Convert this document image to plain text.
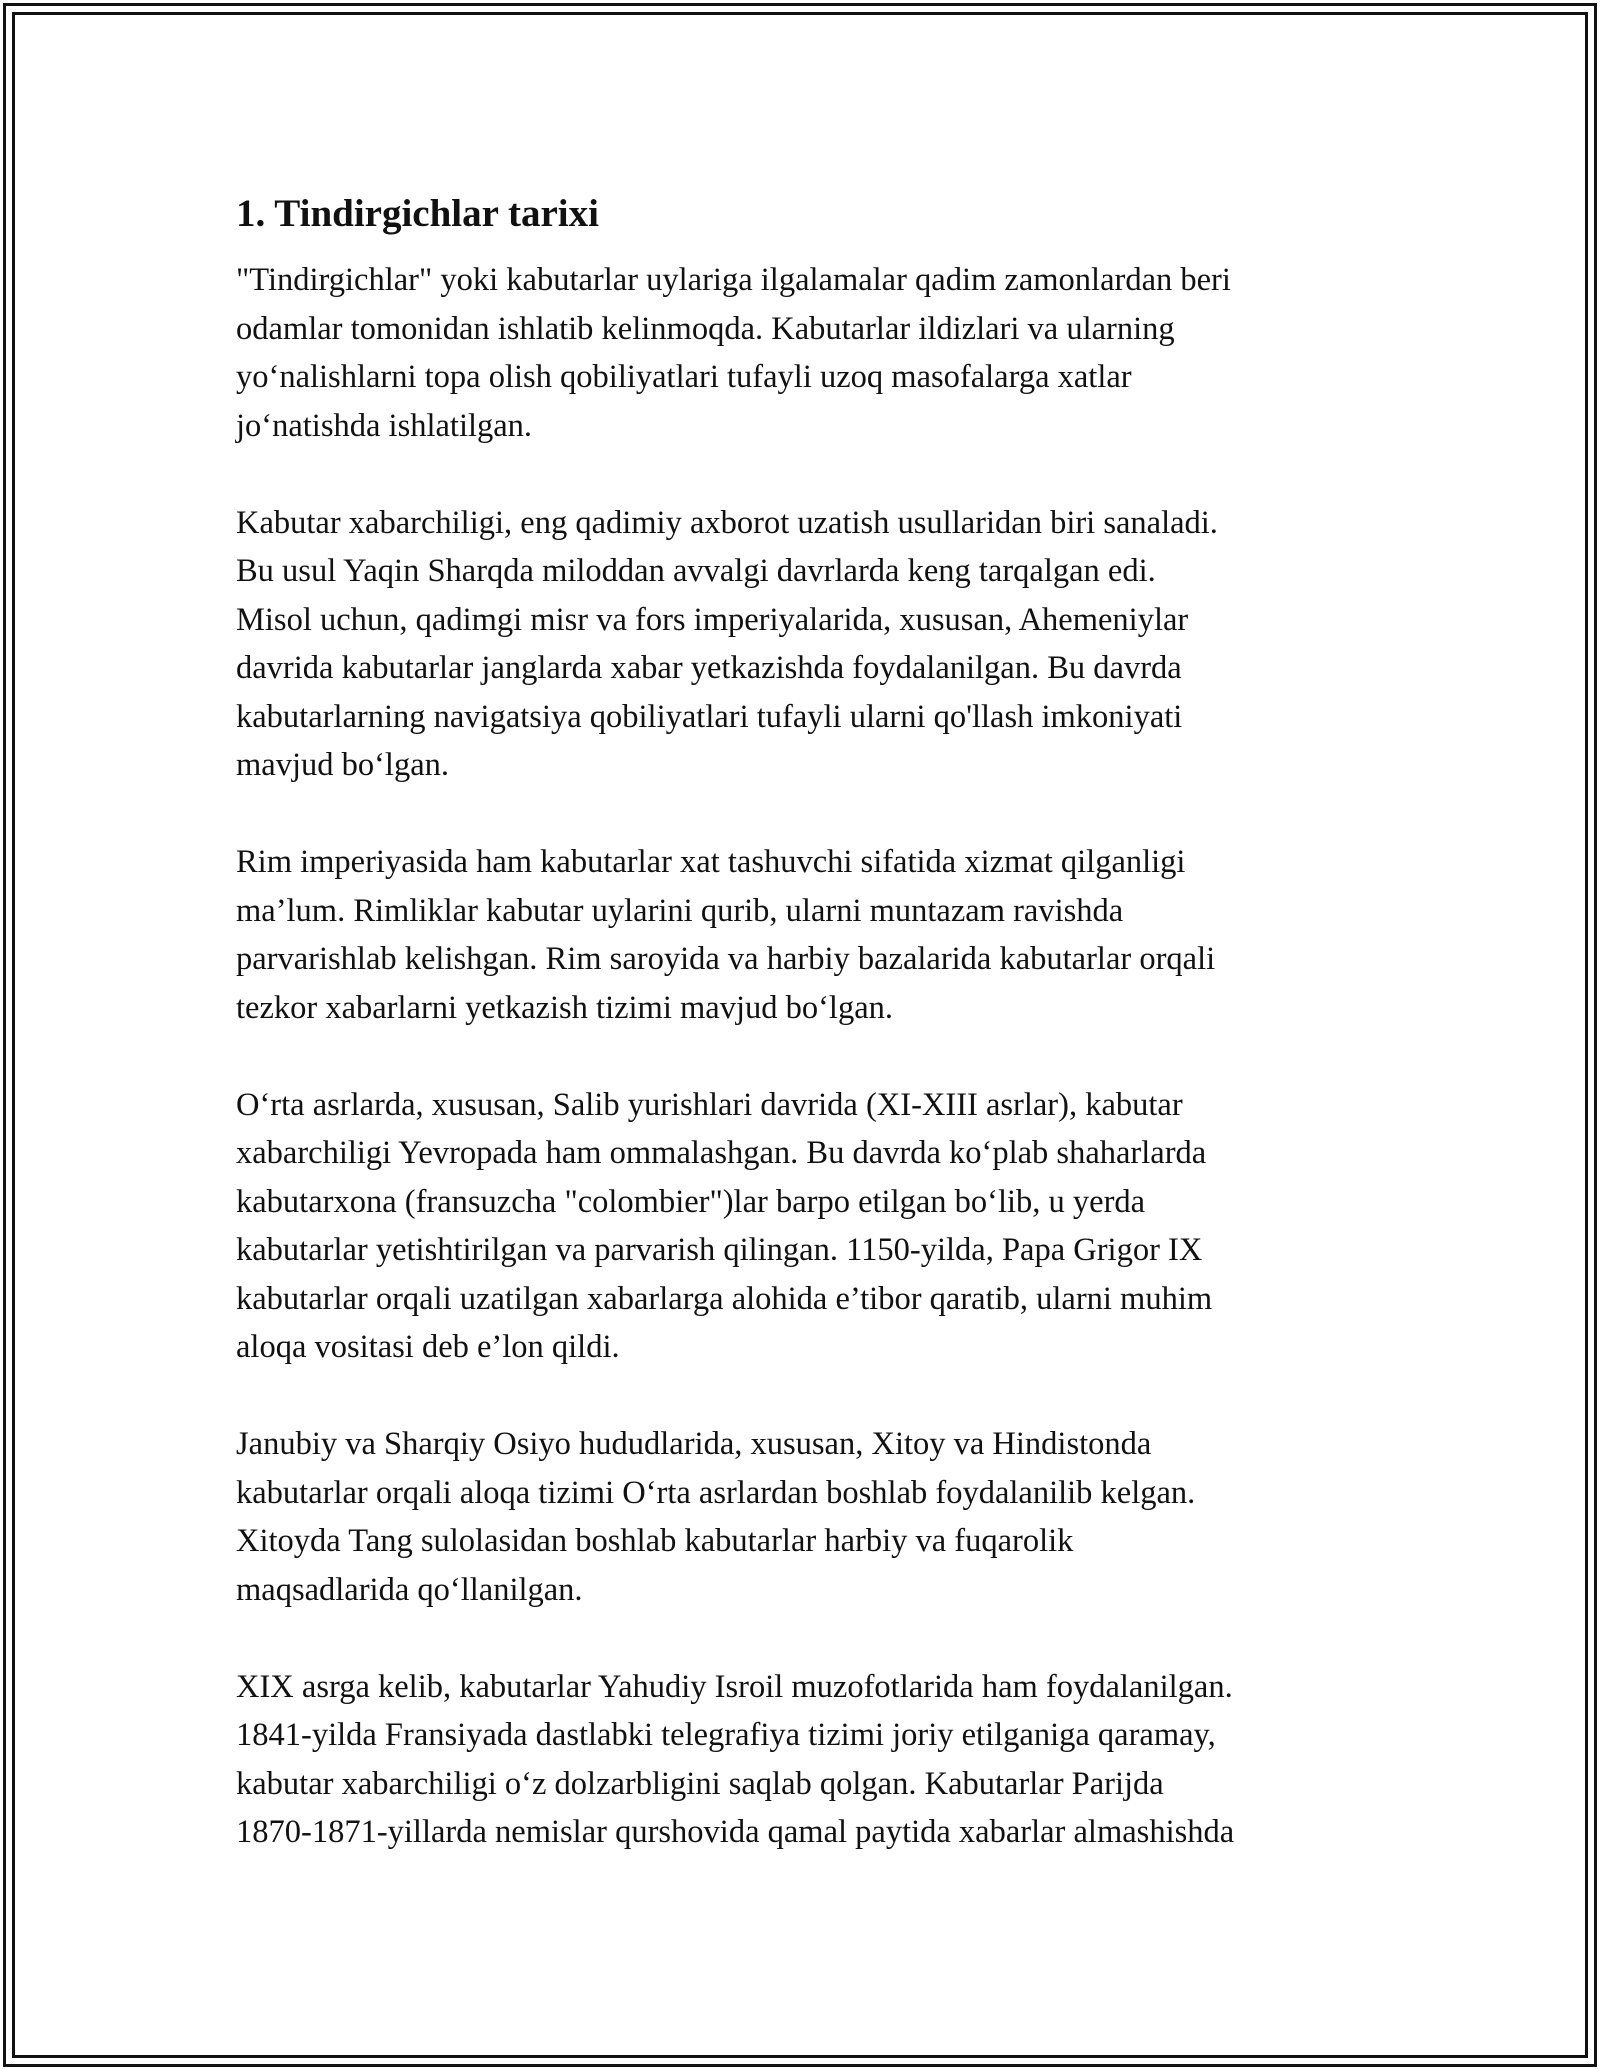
1. Tindirgichlar tarixi
"Tindirgichlar" yoki kabutarlar uylariga ilgalamalar qadim zamonlardan beri
odamlar tomonidan ishlatib kelinmoqda. Kabutarlar ildizlari va ularning
yo‘nalishlarni topa olish qobiliyatlari tufayli uzoq masofalarga xatlar
jo‘natishda ishlatilgan.
Kabutar xabarchiligi, eng qadimiy axborot uzatish usullaridan biri sanaladi.
Bu usul Yaqin Sharqda miloddan avvalgi davrlarda keng tarqalgan edi.
Misol uchun, qadimgi misr va fors imperiyalarida, xususan, Ahemeniylar
davrida kabutarlar janglarda xabar yetkazishda foydalanilgan. Bu davrda
kabutarlarning navigatsiya qobiliyatlari tufayli ularni qo'llash imkoniyati
mavjud bo‘lgan.
Rim imperiyasida ham kabutarlar xat tashuvchi sifatida xizmat qilganligi
ma’lum. Rimliklar kabutar uylarini qurib, ularni muntazam ravishda
parvarishlab kelishgan. Rim saroyida va harbiy bazalarida kabutarlar orqali
tezkor xabarlarni yetkazish tizimi mavjud bo‘lgan.
O‘rta asrlarda, xususan, Salib yurishlari davrida (XI-XIII asrlar), kabutar
xabarchiligi Yevropada ham ommalashgan. Bu davrda ko‘plab shaharlarda
kabutarxona (fransuzcha "colombier")lar barpo etilgan bo‘lib, u yerda
kabutarlar yetishtirilgan va parvarish qilingan. 1150-yilda, Papa Grigor IX
kabutarlar orqali uzatilgan xabarlarga alohida e’tibor qaratib, ularni muhim
aloqa vositasi deb e’lon qildi.
Janubiy va Sharqiy Osiyo hududlarida, xususan, Xitoy va Hindistonda
kabutarlar orqali aloqa tizimi O‘rta asrlardan boshlab foydalanilib kelgan.
Xitoyda Tang sulolasidan boshlab kabutarlar harbiy va fuqarolik
maqsadlarida qo‘llanilgan.
XIX asrga kelib, kabutarlar Yahudiy Isroil muzofotlarida ham foydalanilgan.
1841-yilda Fransiyada dastlabki telegrafiya tizimi joriy etilganiga qaramay,
kabutar xabarchiligi o‘z dolzarbligini saqlab qolgan. Kabutarlar Parijda
1870-1871-yillarda nemislar qurshovida qamal paytida xabarlar almashishda
